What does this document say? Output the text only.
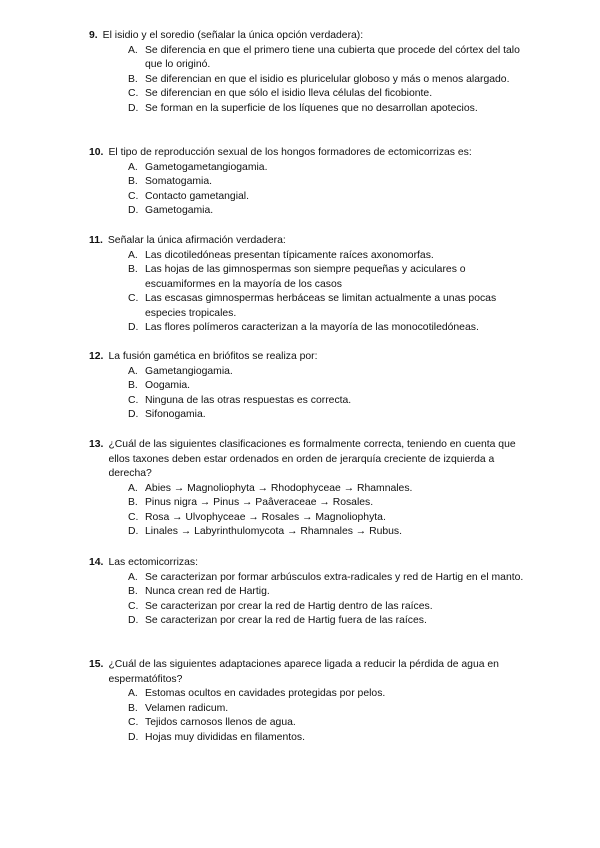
9. El isidio y el soredio (señalar la única opción verdadera):
A. Se diferencia en que el primero tiene una cubierta que procede del córtex del talo que lo originó.
B. Se diferencian en que el isidio es pluricelular globoso y más o menos alargado.
C. Se diferencian en que sólo el isidio lleva células del ficobionte.
D. Se forman en la superficie de los líquenes que no desarrollan apotecios.
10. El tipo de reproducción sexual de los hongos formadores de ectomicorrizas es:
A. Gametogametangiogamia.
B. Somatogamia.
C. Contacto gametangial.
D. Gametogamia.
11. Señalar la única afirmación verdadera:
A. Las dicotiledóneas presentan típicamente raíces axonomorfas.
B. Las hojas de las gimnospermas son siempre pequeñas y aciculares o escuamiformes en la mayoría de los casos
C. Las escasas gimnospermas herbáceas se limitan actualmente a unas pocas especies tropicales.
D. Las flores polímeros caracterizan a la mayoría de las monocotiledóneas.
12. La fusión gamética en briófitos se realiza por:
A. Gametangiogamia.
B. Oogamia.
C. Ninguna de las otras respuestas es correcta.
D. Sifonogamia.
13. ¿Cuál de las siguientes clasificaciones es formalmente correcta, teniendo en cuenta que ellos taxones deben estar ordenados en orden de jerarquía creciente de izquierda a derecha?
A. Abies → Magnoliophyta → Rhodophyceae → Rhamnales.
B. Pinus nigra → Pinus → Paâveraceae → Rosales.
C. Rosa → Ulvophyceae → Rosales → Magnoliophyta.
D. Linales → Labyrinthulomycota → Rhamnales → Rubus.
14. Las ectomicorrizas:
A. Se caracterizan por formar arbúsculos extra-radicales y red de Hartig en el manto.
B. Nunca crean red de Hartig.
C. Se caracterizan por crear la red de Hartig dentro de las raíces.
D. Se caracterizan por crear la red de Hartig fuera de las raíces.
15. ¿Cuál de las siguientes adaptaciones aparece ligada a reducir la pérdida de agua en espermatófitos?
A. Estomas ocultos en cavidades protegidas por pelos.
B. Velamen radicum.
C. Tejidos carnosos llenos de agua.
D. Hojas muy divididas en filamentos.
